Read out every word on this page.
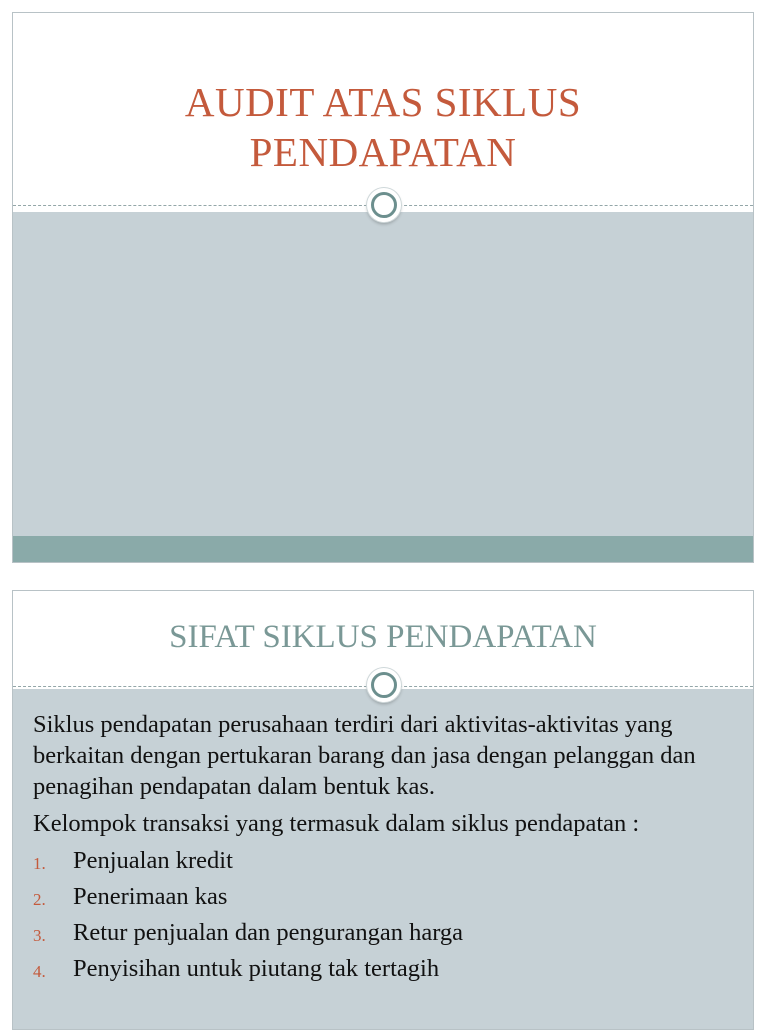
AUDIT ATAS SIKLUS
PENDAPATAN
SIFAT SIKLUS PENDAPATAN

Siklus pendapatan perusahaan terdiri dari aktivitas-aktivitas yang berkaitan dengan pertukaran barang dan jasa dengan pelanggan dan penagihan pendapatan dalam bentuk kas.

Kelompok transaksi yang termasuk dalam siklus pendapatan :

1. Penjualan kredit
2. Penerimaan kas
3. Retur penjualan dan pengurangan harga
4. Penyisihan untuk piutang tak tertagih
